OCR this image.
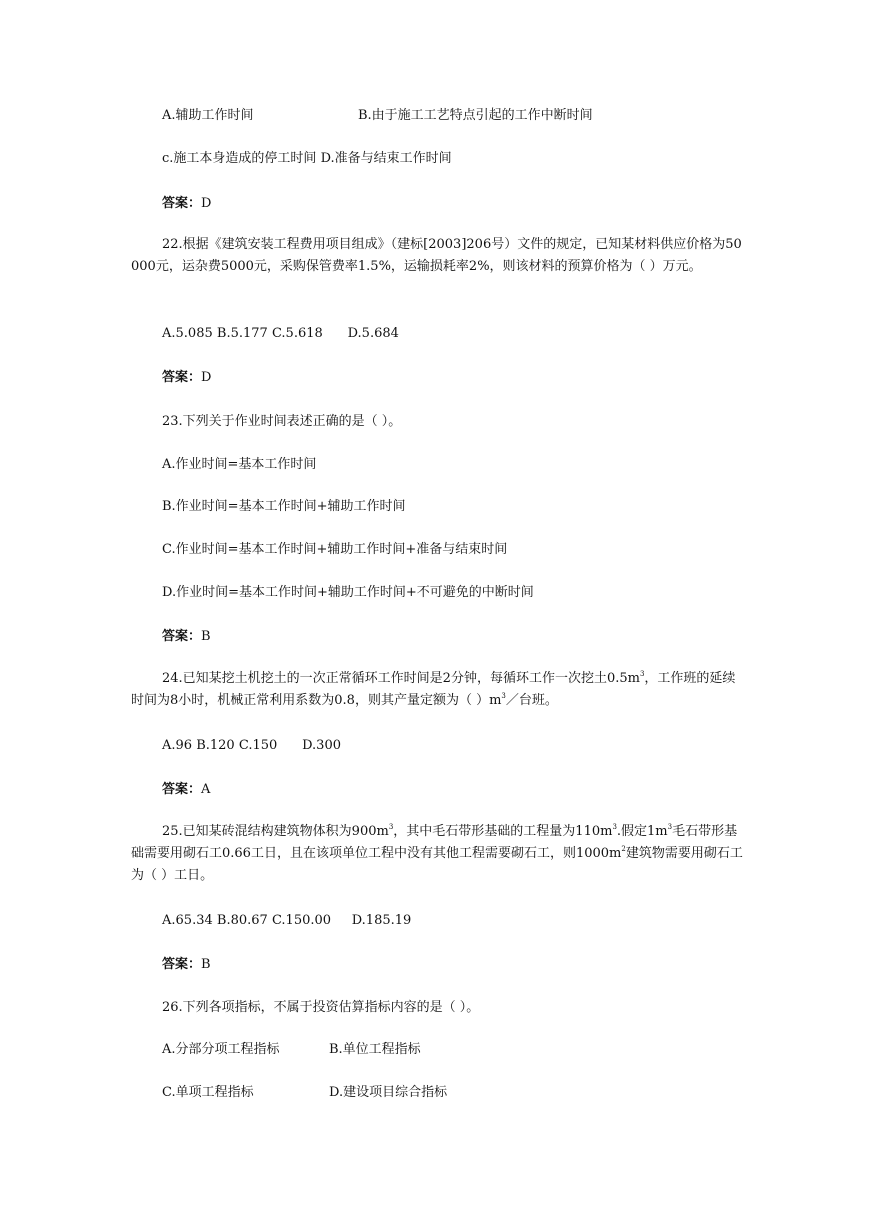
A.辅助工作时间	B.由于施工工艺特点引起的工作中断时间
c.施工本身造成的停工时间 D.准备与结束工作时间
答案：D
22.根据《建筑安装工程费用项目组成》（建标[2003]206号）文件的规定，已知某材料供应价格为50 000元，运杂费5000元，采购保管费率1.5%，运输损耗率2%，则该材料的预算价格为（ ）万元。
A.5.085 B.5.177 C.5.618 D.5.684
答案：D
23.下列关于作业时间表述正确的是（ ）。
A.作业时间=基本工作时间
B.作业时间=基本工作时间+辅助工作时间
C.作业时间=基本工作时间+辅助工作时间+准备与结束时间
D.作业时间=基本工作时间+辅助工作时间+不可避免的中断时间
答案：B
24.已知某挖土机挖土的一次正常循环工作时间是2分钟，每循环工作一次挖土$0.5m^3$，工作班的延续时间为8小时，机械正常利用系数为0.8，则其产量定额为（ ）$m^3/$台班。
A.96 B.120 C.150 D.300
答案：A
25.已知某砖混结构建筑物体积为$900m^3$，其中毛石带形基础的工程量为$110m^3$.假定$1m^3$毛石带形基础需要用砌石工0.66工日，且在该项单位工程中没有其他工程需要砌石工，则$1000m^2$建筑物需要用砌石工为（ ）工日。
A.65.34 B.80.67 C.150.00 D.185.19
答案：B
26.下列各项指标，不属于投资估算指标内容的是（ ）。
A.分部分项工程指标	B.单位工程指标
C.单项工程指标	D.建设项目综合指标
